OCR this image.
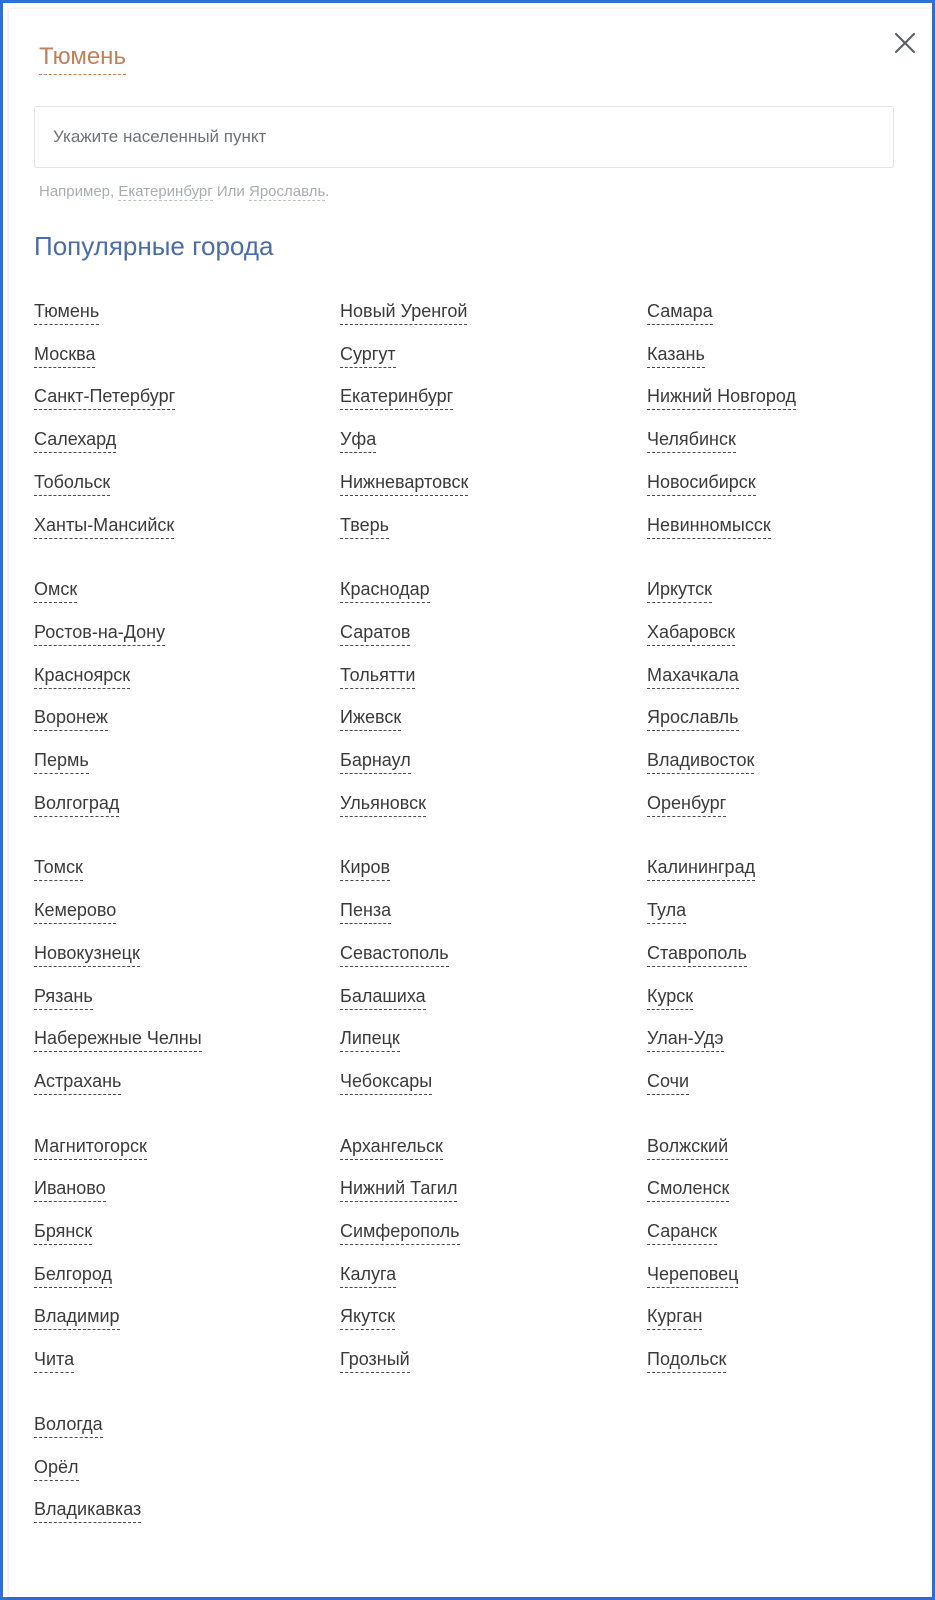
Тюмень
Укажите населенный пункт
Например, Екатеринбург Или Ярославль.
Популярные города
Тюмень
Москва
Санкт-Петербург
Салехард
Тобольск
Ханты-Мансийск
Омск
Ростов-на-Дону
Красноярск
Воронеж
Пермь
Волгоград
Томск
Кемерово
Новокузнецк
Рязань
Набережные Челны
Астрахань
Магнитогорск
Иваново
Брянск
Белгород
Владимир
Чита
Вологда
Орёл
Владикавказ
Новый Уренгой
Сургут
Екатеринбург
Уфа
Нижневартовск
Тверь
Краснодар
Саратов
Тольятти
Ижевск
Барнаул
Ульяновск
Киров
Пенза
Севастополь
Балашиха
Липецк
Чебоксары
Архангельск
Нижний Тагил
Симферополь
Калуга
Якутск
Грозный
Самара
Казань
Нижний Новгород
Челябинск
Новосибирск
Невинномысск
Иркутск
Хабаровск
Махачкала
Ярославль
Владивосток
Оренбург
Калининград
Тула
Ставрополь
Курск
Улан-Удэ
Сочи
Волжский
Смоленск
Саранск
Череповец
Курган
Подольск
